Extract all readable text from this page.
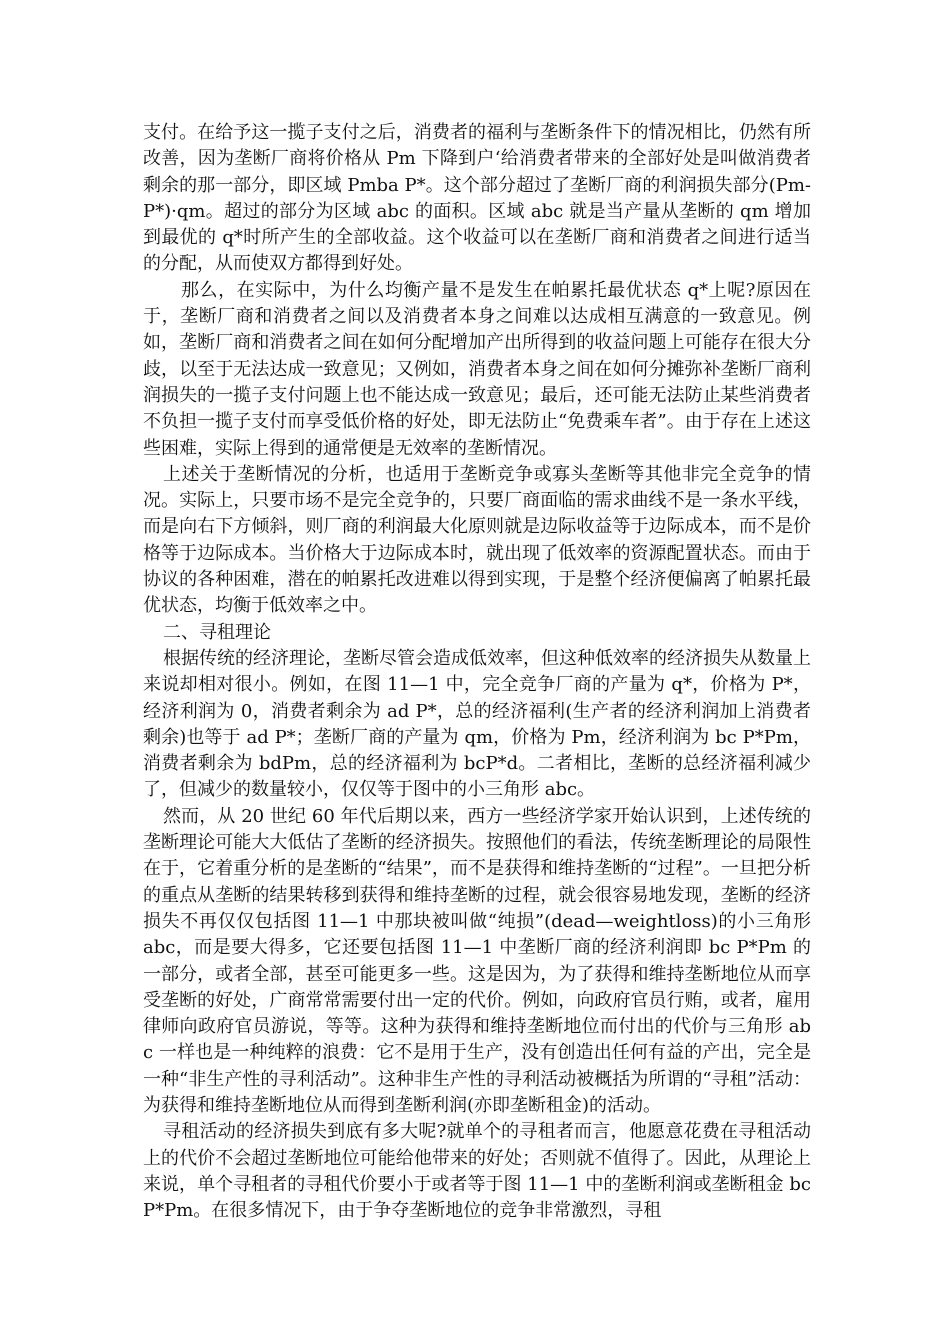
支付。在给予这一揽子支付之后，消费者的福利与垄断条件下的情况相比，仍然有所改善，因为垄断厂商将价格从 Pm 下降到户‘给消费者带来的全部好处是叫做消费者剩余的那一部分，即区域 Pmba P*。这个部分超过了垄断厂商的利润损失部分(Pm- P*)·qm。超过的部分为区域 abc 的面积。区域 abc 就是当产量从垄断的 qm 增加到最优的 q*时所产生的全部收益。这个收益可以在垄断厂商和消费者之间进行适当的分配，从而使双方都得到好处。

那么，在实际中，为什么均衡产量不是发生在帕累托最优状态 q*上呢?原因在于，垄断厂商和消费者之间以及消费者本身之间难以达成相互满意的一致意见。例如，垄断厂商和消费者之间在如何分配增加产出所得到的收益问题上可能存在很大分歧，以至于无法达成一致意见；又例如，消费者本身之间在如何分摊弥补垄断厂商利润损失的一揽子支付问题上也不能达成一致意见；最后，还可能无法防止某些消费者不负担一揽子支付而享受低价格的好处，即无法防止“免费乘车者”。由于存在上述这些困难，实际上得到的通常便是无效率的垄断情况。

上述关于垄断情况的分析，也适用于垄断竞争或寡头垄断等其他非完全竞争的情况。实际上，只要市场不是完全竞争的，只要厂商面临的需求曲线不是一条水平线，而是向右下方倾斜，则厂商的利润最大化原则就是边际收益等于边际成本，而不是价格等于边际成本。当价格大于边际成本时，就出现了低效率的资源配置状态。而由于协议的各种困难，潜在的帕累托改进难以得到实现，于是整个经济便偏离了帕累托最优状态，均衡于低效率之中。

二、寻租理论

根据传统的经济理论，垄断尽管会造成低效率，但这种低效率的经济损失从数量上来说却相对很小。例如，在图 11—1 中，完全竞争厂商的产量为 q*，价格为 P*，经济利润为 0，消费者剩余为 ad P*，总的经济福利(生产者的经济利润加上消费者剩余)也等于 ad P*；垄断厂商的产量为 qm，价格为 Pm，经济利润为 bc P*Pm，消费者剩余为 bdPm，总的经济福利为 bcP*d。二者相比，垄断的总经济福利减少了，但减少的数量较小，仅仅等于图中的小三角形 abc。

然而，从 20 世纪 60 年代后期以来，西方一些经济学家开始认识到，上述传统的垄断理论可能大大低估了垄断的经济损失。按照他们的看法，传统垄断理论的局限性在于，它着重分析的是垄断的“结果”，而不是获得和维持垄断的“过程”。一旦把分析的重点从垄断的结果转移到获得和维持垄断的过程，就会很容易地发现，垄断的经济损失不再仅仅包括图 11—1 中那块被叫做“纯损”(dead—weightloss)的小三角形 abc，而是要大得多，它还要包括图 11—1 中垄断厂商的经济利润即 bc P*Pm 的一部分，或者全部，甚至可能更多一些。这是因为，为了获得和维持垄断地位从而享受垄断的好处，广商常常需要付出一定的代价。例如，向政府官员行贿，或者，雇用律师向政府官员游说，等等。这种为获得和维持垄断地位而付出的代价与三角形 abc 一样也是一种纯粹的浪费：它不是用于生产，没有创造出任何有益的产出，完全是一种“非生产性的寻利活动”。这种非生产性的寻利活动被概括为所谓的“寻租”活动：为获得和维持垄断地位从而得到垄断利润(亦即垄断租金)的活动。

寻租活动的经济损失到底有多大呢?就单个的寻租者而言，他愿意花费在寻租活动上的代价不会超过垄断地位可能给他带来的好处；否则就不值得了。因此，从理论上来说，单个寻租者的寻租代价要小于或者等于图 11—1 中的垄断利润或垄断租金 bcP*Pm。在很多情况下，由于争夺垄断地位的竞争非常激烈，寻租
